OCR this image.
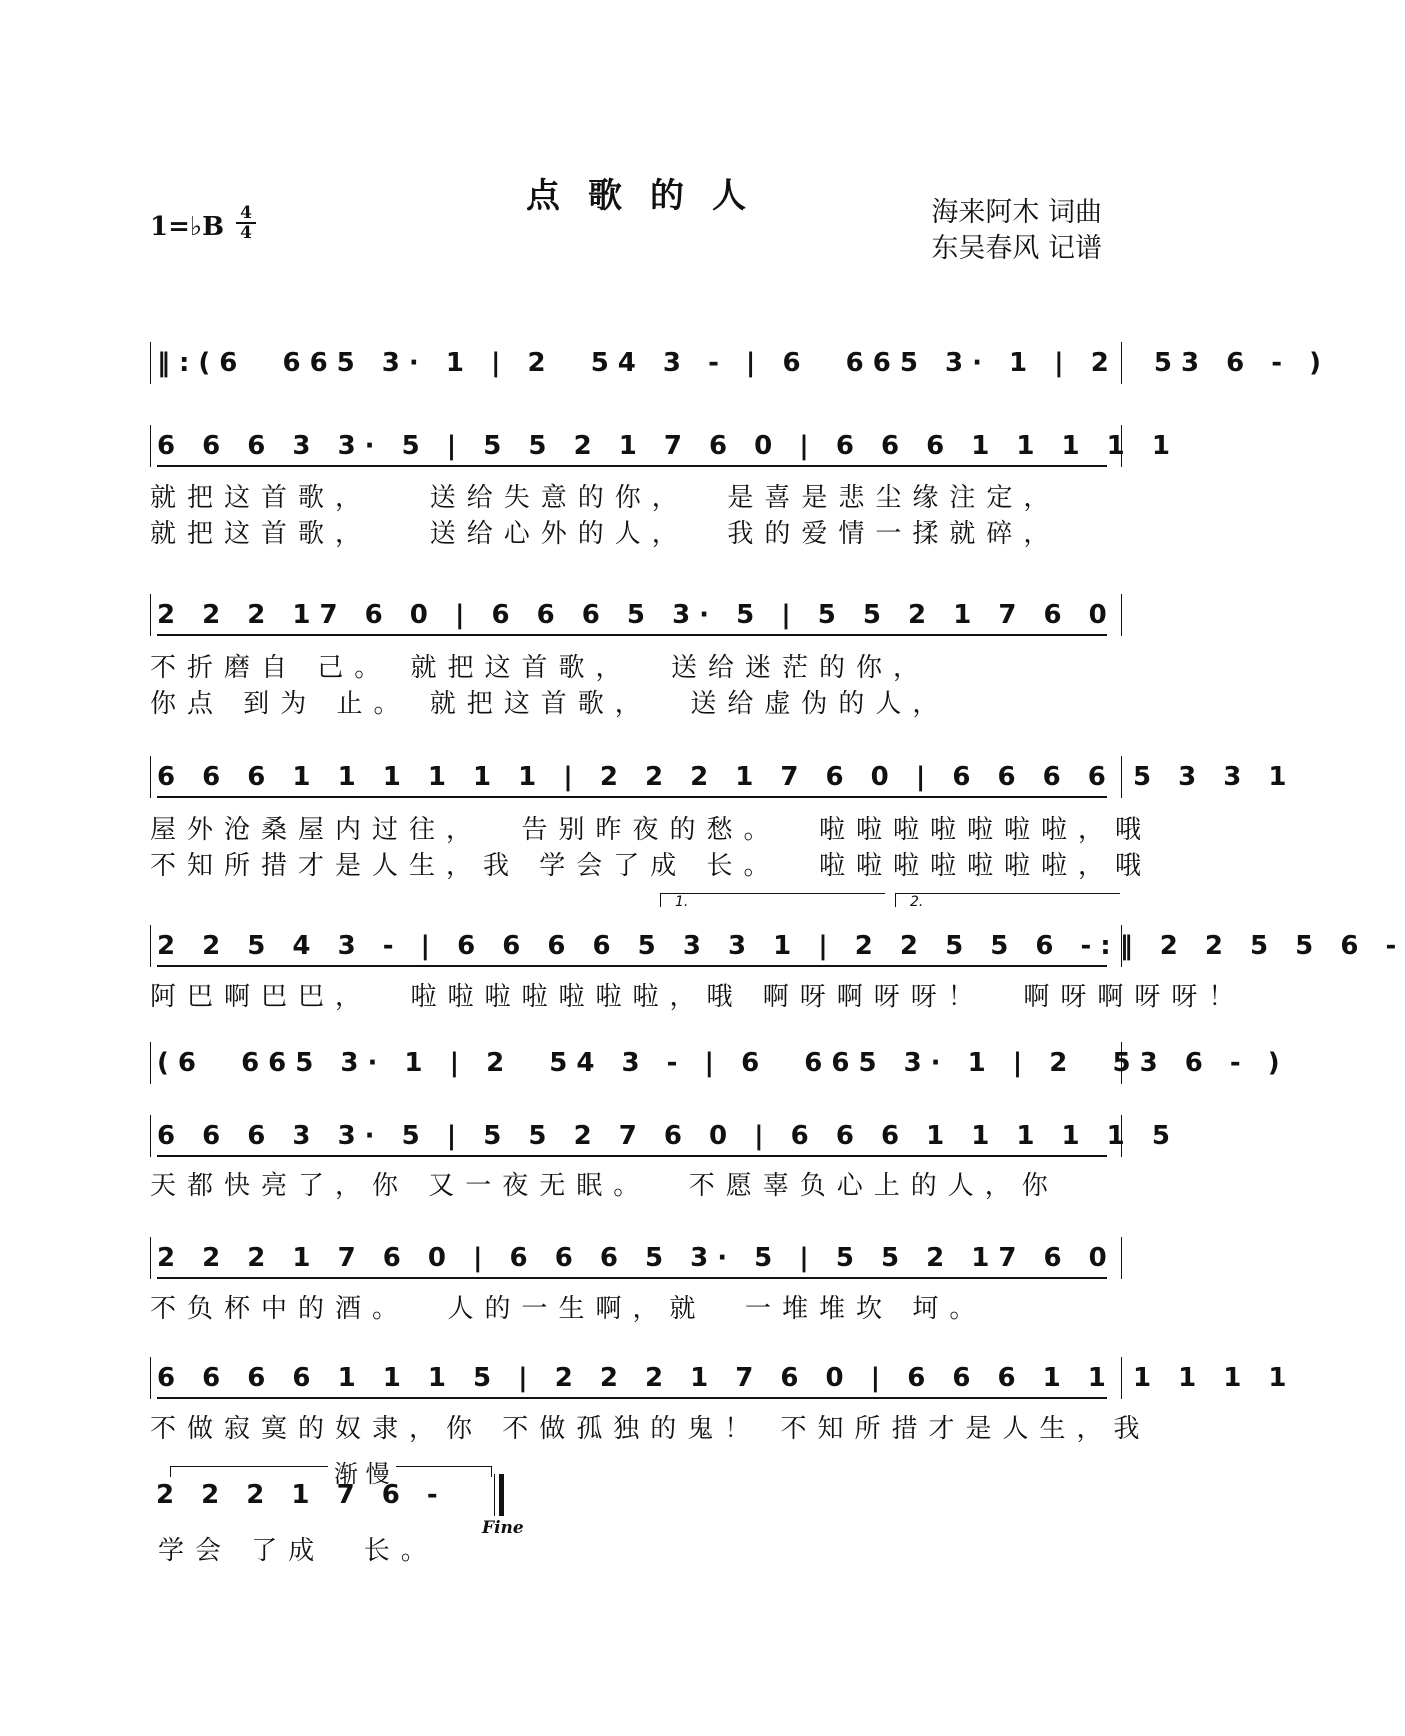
点歌的人
1=♭B 4
4
海来阿木 词曲
东吴春风 记谱
‖:(6  665 3· 1 | 2  54 3 - | 6  665 3· 1 | 2  53 6 - )
6 6 6 3 3· 5 | 5 5 2 1 7 6 0 | 6 6 6 1 1 1 1 1
就把这首歌，   送给失意的你，  是喜是悲尘缘注定，
就把这首歌，   送给心外的人，  我的爱情一揉就碎，
2 2 2 17 6 0 | 6 6 6 5 3· 5 | 5 5 2 1 7 6 0
不折磨自 己。 就把这首歌，  送给迷茫的你，
你点 到为 止。 就把这首歌，  送给虚伪的人，
6 6 6 1 1 1 1 1 1 | 2 2 2 1 7 6 0 | 6 6 6 6 5 3 3 1
屋外沧桑屋内过往，  告别昨夜的愁。  啦啦啦啦啦啦啦，哦
不知所措才是人生，我 学会了成 长。  啦啦啦啦啦啦啦，哦
1.	2.
2 2 5 4 3 - | 6 6 6 6 5 3 3 1 | 2 2 5 5 6 -:‖ 2 2 5 5 6 -
阿巴啊巴巴，  啦啦啦啦啦啦啦，哦 啊呀啊呀呀！  啊呀啊呀呀！
(6  665 3· 1 | 2  54 3 - | 6  665 3· 1 | 2  53 6 - )
6 6 6 3 3· 5 | 5 5 2 7 6 0 | 6 6 6 1 1 1 1 1 5
天都快亮了，你 又一夜无眠。  不愿辜负心上的人，你
2 2 2 1 7 6 0 | 6 6 6 5 3· 5 | 5 5 2 17 6 0
不负杯中的酒。  人的一生啊，就  一堆堆坎 坷。
6 6 6 6 1 1 1 5 | 2 2 2 1 7 6 0 | 6 6 6 1 1 1 1 1 1
不做寂寞的奴隶，你 不做孤独的鬼！ 不知所措才是人生，我
渐 慢
2 2 2 1 7 6 -
学会 了成  长。
Fine
